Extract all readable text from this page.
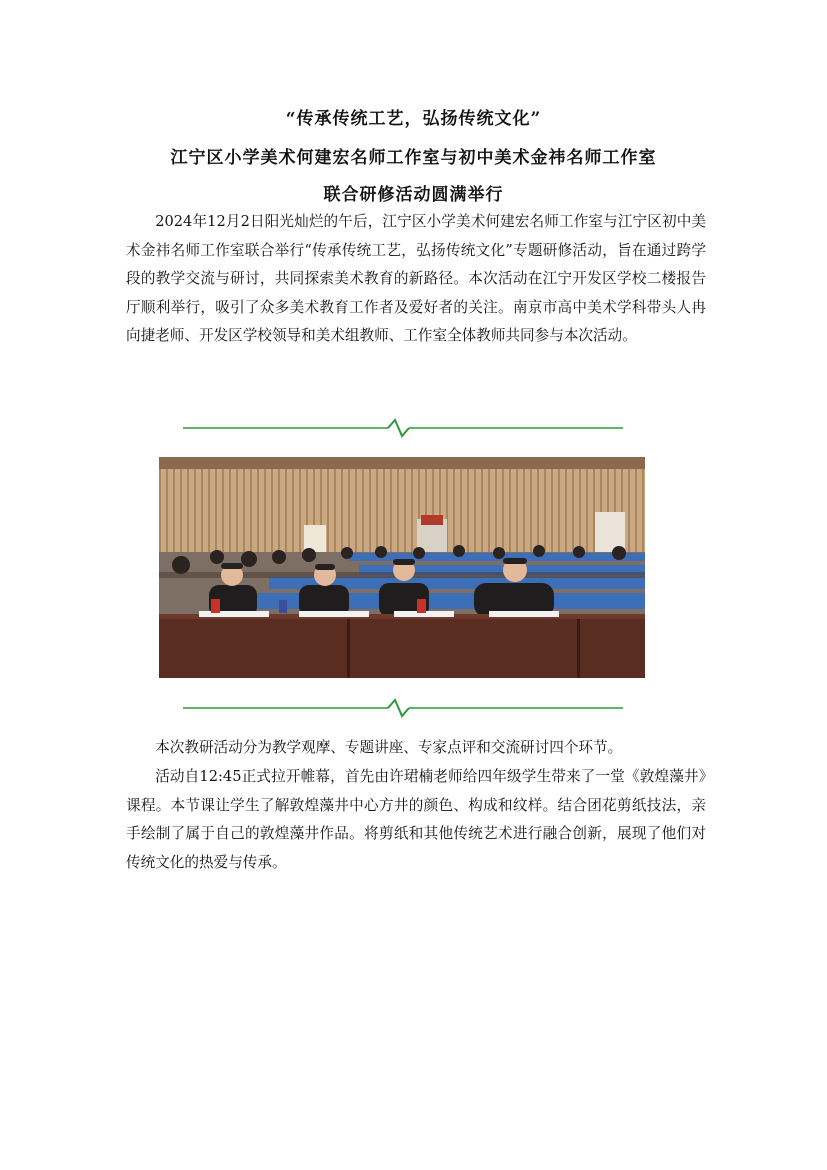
“传承传统工艺，弘扬传统文化”
江宁区小学美术何建宏名师工作室与初中美术金祎名师工作室
联合研修活动圆满举行
2024年12月2日阳光灿烂的午后，江宁区小学美术何建宏名师工作室与江宁区初中美术金祎名师工作室联合举行“传承传统工艺，弘扬传统文化”专题研修活动，旨在通过跨学段的教学交流与研讨，共同探索美术教育的新路径。本次活动在江宁开发区学校二楼报告厅顺利举行，吸引了众多美术教育工作者及爱好者的关注。南京市高中美术学科带头人冉向捷老师、开发区学校领导和美术组教师、工作室全体教师共同参与本次活动。
本次教研活动分为教学观摩、专题讲座、专家点评和交流研讨四个环节。
活动自12:45正式拉开帷幕，首先由许珺楠老师给四年级学生带来了一堂《敦煌藻井》课程。本节课让学生了解敦煌藻井中心方井的颜色、构成和纹样。结合团花剪纸技法，亲手绘制了属于自己的敦煌藻井作品。将剪纸和其他传统艺术进行融合创新，展现了他们对传统文化的热爱与传承。
